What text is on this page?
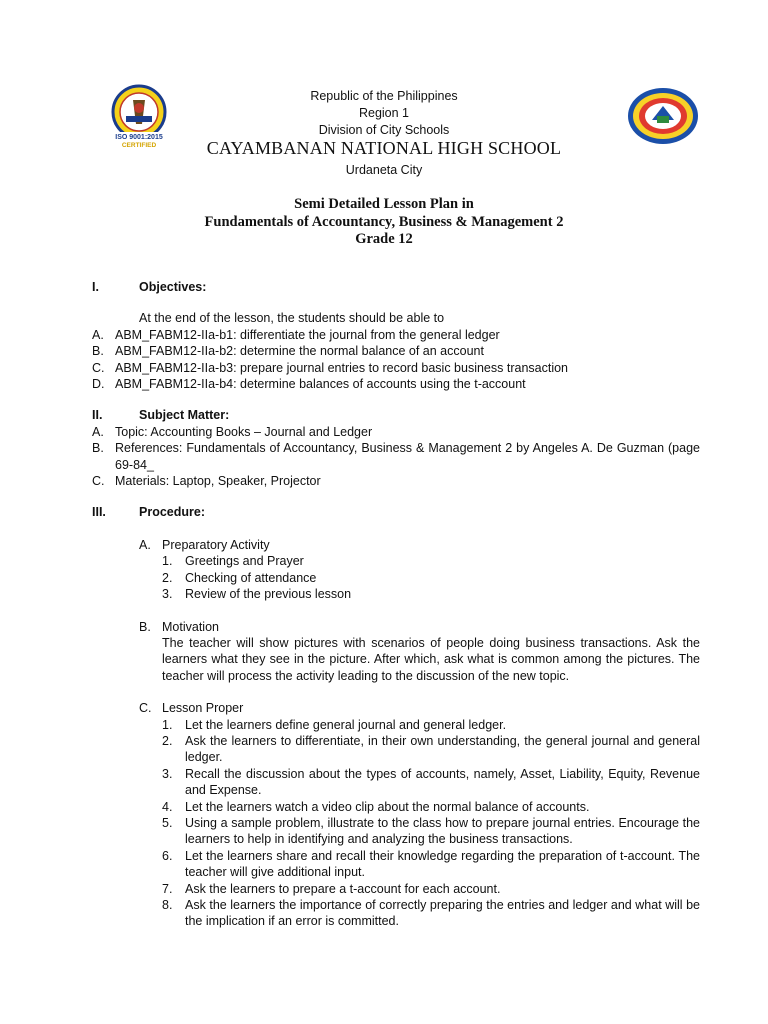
ISO 9001:2015
CERTIFIED
Republic of the Philippines
Region 1
Division of City Schools
CAYAMBANAN NATIONAL HIGH SCHOOL
Urdaneta City
Semi Detailed Lesson Plan in
Fundamentals of Accountancy, Business & Management 2
Grade 12
I.	Objectives:
At the end of the lesson, the students should be able to
A. ABM_FABM12-IIa-b1: differentiate the journal from the general ledger
B. ABM_FABM12-IIa-b2: determine the normal balance of an account
C. ABM_FABM12-IIa-b3: prepare journal entries to record basic business transaction
D. ABM_FABM12-IIa-b4: determine balances of accounts using the t-account
II.	Subject Matter:
A. Topic: Accounting Books – Journal and Ledger
B. References: Fundamentals of Accountancy, Business & Management 2 by Angeles A. De Guzman (page 69-84_
C. Materials: Laptop, Speaker, Projector
III.	Procedure:
A. Preparatory Activity
1. Greetings and Prayer
2. Checking of attendance
3. Review of the previous lesson
B. Motivation
The teacher will show pictures with scenarios of people doing business transactions. Ask the learners what they see in the picture. After which, ask what is common among the pictures. The teacher will process the activity leading to the discussion of the new topic.
C. Lesson Proper
1. Let the learners define general journal and general ledger.
2. Ask the learners to differentiate, in their own understanding, the general journal and general ledger.
3. Recall the discussion about the types of accounts, namely, Asset, Liability, Equity, Revenue and Expense.
4. Let the learners watch a video clip about the normal balance of accounts.
5. Using a sample problem, illustrate to the class how to prepare journal entries. Encourage the learners to help in identifying and analyzing the business transactions.
6. Let the learners share and recall their knowledge regarding the preparation of t-account. The teacher will give additional input.
7. Ask the learners to prepare a t-account for each account.
8. Ask the learners the importance of correctly preparing the entries and ledger and what will be the implication if an error is committed.
